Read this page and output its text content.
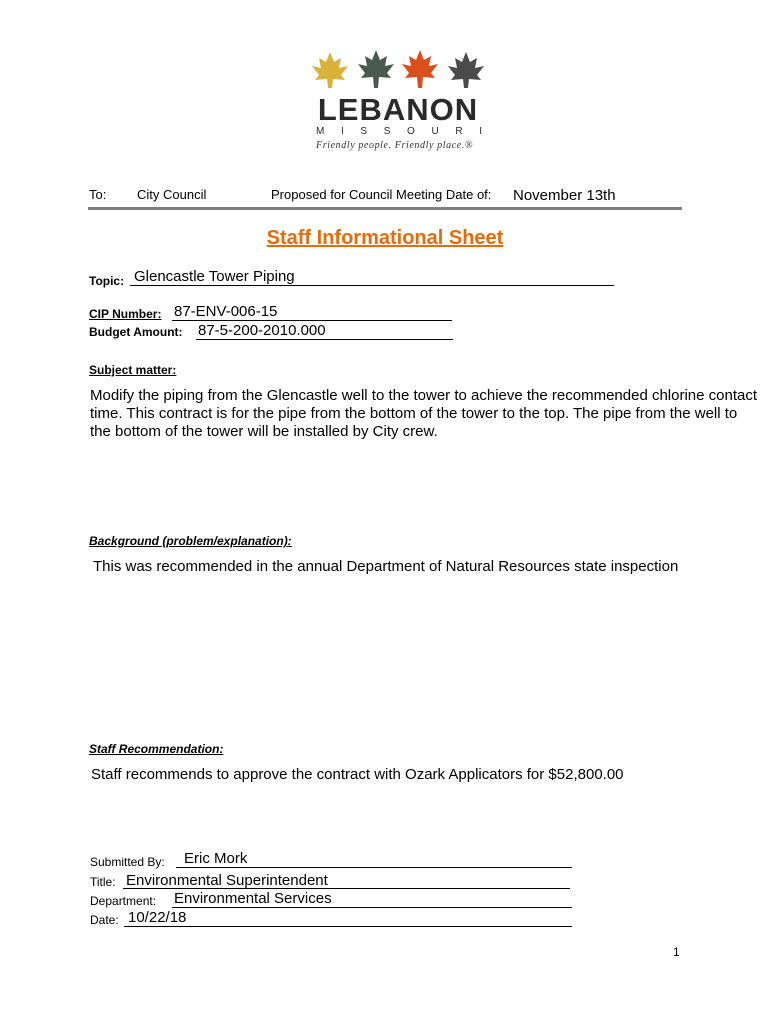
LEBANON
M I S S O U R I
Friendly people. Friendly place.®
To: City Council	Proposed for Council Meeting Date of: November 13th
Staff Informational Sheet
Topic: Glencastle Tower Piping
CIP Number: 87-ENV-006-15
Budget Amount: 87-5-200-2010.000
Subject matter:
Modify the piping from the Glencastle well to the tower to achieve the recommended chlorine contact
time. This contract is for the pipe from the bottom of the tower to the top. The pipe from the well to
the bottom of the tower will be installed by City crew.
Background (problem/explanation):
This was recommended in the annual Department of Natural Resources state inspection
Staff Recommendation:
Staff recommends to approve the contract with Ozark Applicators for $52,800.00
Submitted By: Eric Mork
Title: Environmental Superintendent
Department: Environmental Services
Date: 10/22/18
1
